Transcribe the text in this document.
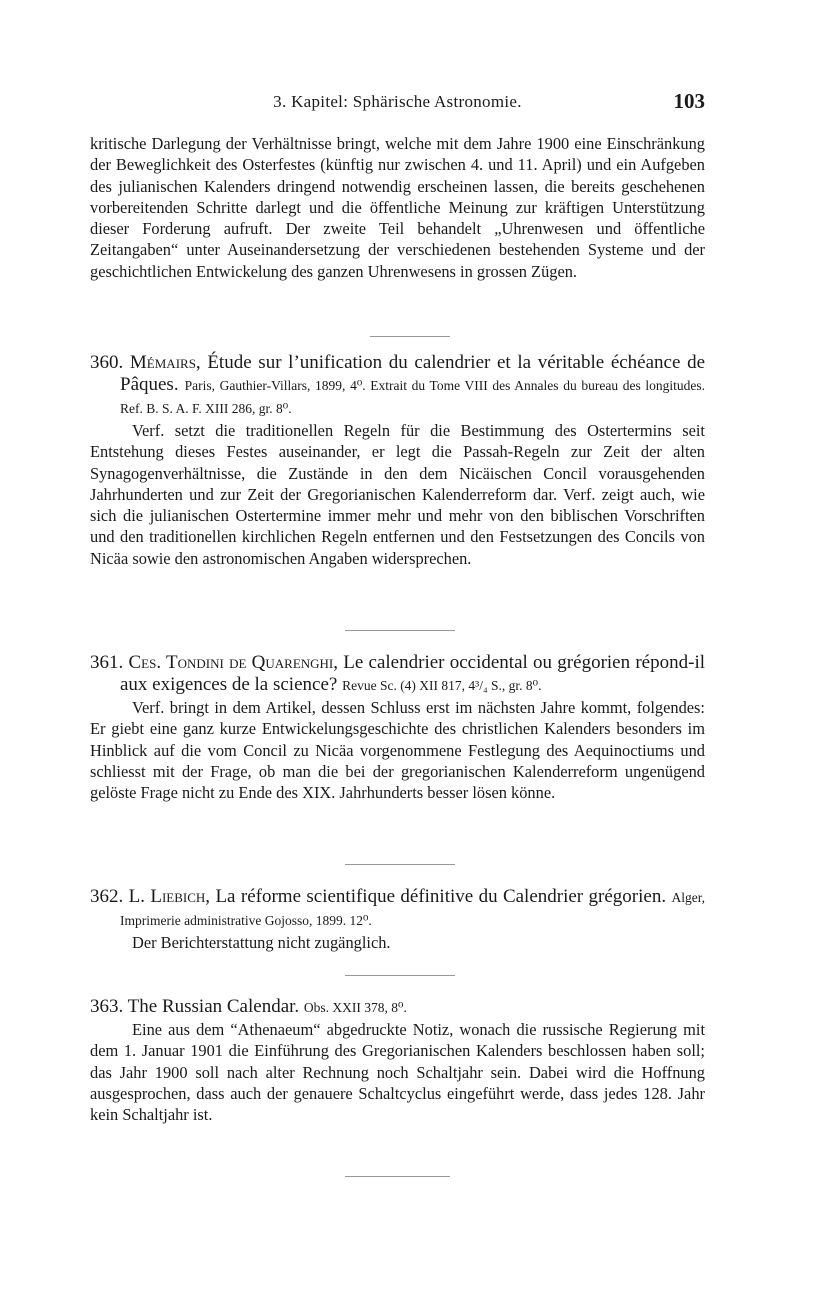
3. Kapitel: Sphärische Astronomie.	103

kritische Darlegung der Verhältnisse bringt, welche mit dem Jahre 1900 eine Einschränkung der Beweglichkeit des Osterfestes (künftig nur zwischen 4. und 11. April) und ein Aufgeben des julianischen Kalenders dringend notwendig erscheinen lassen, die bereits geschehenen vorbereitenden Schritte darlegt und die öffentliche Meinung zur kräftigen Unterstützung dieser Forderung aufruft. Der zweite Teil behandelt „Uhrenwesen und öffentliche Zeitangaben“ unter Auseinandersetzung der verschiedenen bestehenden Systeme und der geschichtlichen Entwickelung des ganzen Uhrenwesens in grossen Zügen.

360. Mémairs, Étude sur l’unification du calendrier et la véritable échéance de Pâques. Paris, Gauthier-Villars, 1899, 4⁰. Extrait du Tome VIII des Annales du bureau des longitudes. Ref. B. S. A. F. XIII 286, gr. 8⁰.

Verf. setzt die traditionellen Regeln für die Bestimmung des Ostertermins seit Entstehung dieses Festes auseinander, er legt die Passah-Regeln zur Zeit der alten Synagogenverhältnisse, die Zustände in den dem Nicäischen Concil vorausgehenden Jahrhunderten und zur Zeit der Gregorianischen Kalenderreform dar. Verf. zeigt auch, wie sich die julianischen Ostertermine immer mehr und mehr von den biblischen Vorschriften und den traditionellen kirchlichen Regeln entfernen und den Festsetzungen des Concils von Nicäa sowie den astronomischen Angaben widersprechen.

361. Ces. Tondini de Quarenghi, Le calendrier occidental ou grégorien répond-il aux exigences de la science? Revue Sc. (4) XII 817, 4³/₄ S., gr. 8⁰.

Verf. bringt in dem Artikel, dessen Schluss erst im nächsten Jahre kommt, folgendes: Er giebt eine ganz kurze Entwickelungsgeschichte des christlichen Kalenders besonders im Hinblick auf die vom Concil zu Nicäa vorgenommene Festlegung des Aequinoctiums und schliesst mit der Frage, ob man die bei der gregorianischen Kalenderreform ungenügend gelöste Frage nicht zu Ende des XIX. Jahrhunderts besser lösen könne.

362. L. Liebich, La réforme scientifique définitive du Calendrier grégorien. Alger, Imprimerie administrative Gojosso, 1899. 12⁰.

Der Berichterstattung nicht zugänglich.

363. The Russian Calendar. Obs. XXII 378, 8⁰.

Eine aus dem “Athenaeum“ abgedruckte Notiz, wonach die russische Regierung mit dem 1. Januar 1901 die Einführung des Gregorianischen Kalenders beschlossen haben soll; das Jahr 1900 soll nach alter Rechnung noch Schaltjahr sein. Dabei wird die Hoffnung ausgesprochen, dass auch der genauere Schaltcyclus eingeführt werde, dass jedes 128. Jahr kein Schaltjahr ist.
